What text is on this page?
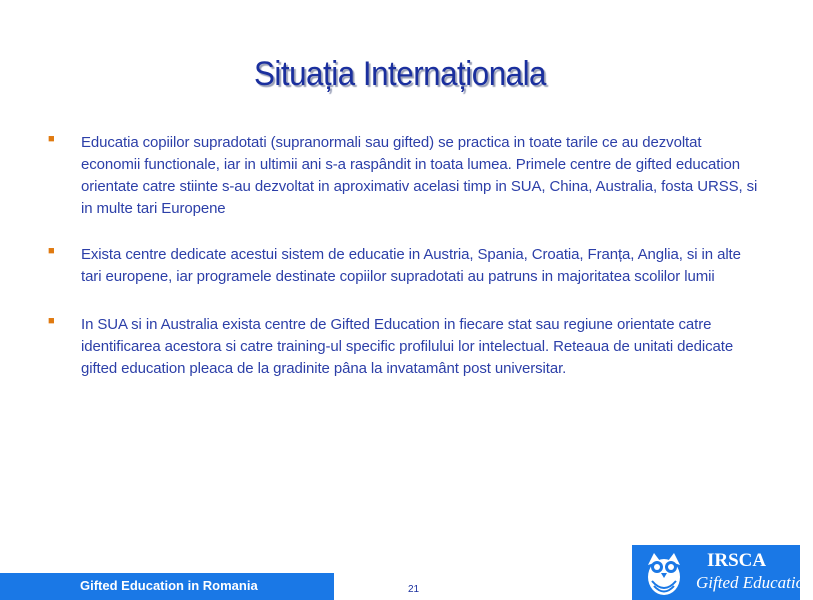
Situația Internaționala
■ Educatia copiilor supradotati (supranormali sau gifted) se practica in toate tarile ce au dezvoltat economii functionale, iar in ultimii ani s-a raspândit in toata lumea. Primele centre de gifted education orientate catre stiinte s-au dezvoltat in aproximativ acelasi timp in SUA, China, Australia, fosta URSS, si in multe tari Europene
■ Exista centre dedicate acestui sistem de educatie in Austria, Spania, Croatia, Franța, Anglia, si in alte tari europene, iar programele destinate copiilor supradotati au patruns in majoritatea scolilor lumii
■ In SUA si in Australia exista centre de Gifted Education in fiecare stat sau regiune orientate catre identificarea acestora si catre training-ul specific profilului lor intelectual. Reteaua de unitati dedicate gifted education pleaca de la gradinite pâna la invatamânt post universitar.
Gifted Education in Romania	21
IRSCA
Gifted Education
